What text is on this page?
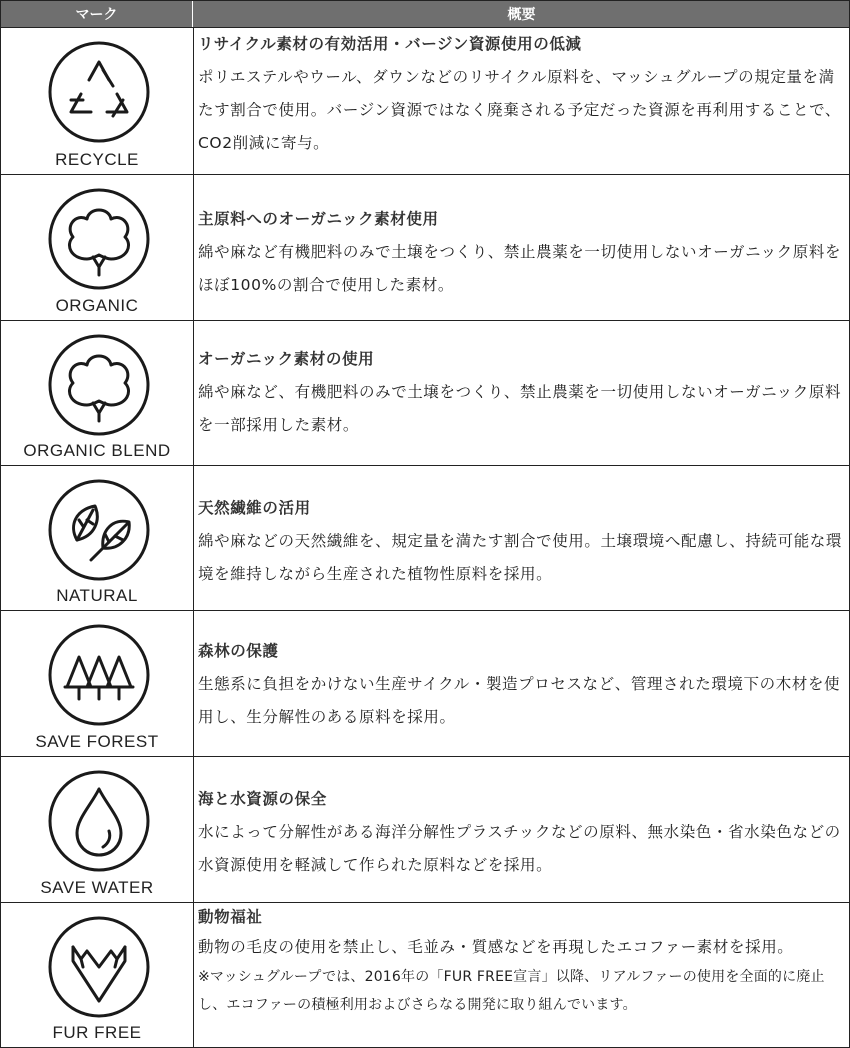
マーク	概要
RECYCLE
リサイクル素材の有効活用・バージン資源使用の低減
ポリエステルやウール、ダウンなどのリサイクル原料を、マッシュグループの規定量を満たす割合で使用。バージン資源ではなく廃棄される予定だった資源を再利用することで、CO2削減に寄与。
ORGANIC
主原料へのオーガニック素材使用
綿や麻など有機肥料のみで土壌をつくり、禁止農薬を一切使用しないオーガニック原料をほぼ100%の割合で使用した素材。
ORGANIC BLEND
オーガニック素材の使用
綿や麻など、有機肥料のみで土壌をつくり、禁止農薬を一切使用しないオーガニック原料を一部採用した素材。
NATURAL
天然繊維の活用
綿や麻などの天然繊維を、規定量を満たす割合で使用。土壌環境へ配慮し、持続可能な環境を維持しながら生産された植物性原料を採用。
SAVE FOREST
森林の保護
生態系に負担をかけない生産サイクル・製造プロセスなど、管理された環境下の木材を使用し、生分解性のある原料を採用。
SAVE WATER
海と水資源の保全
水によって分解性がある海洋分解性プラスチックなどの原料、無水染色・省水染色などの水資源使用を軽減して作られた原料などを採用。
FUR FREE
動物福祉
動物の毛皮の使用を禁止し、毛並み・質感などを再現したエコファー素材を採用。
※マッシュグループでは、2016年の「FUR FREE宣言」以降、リアルファーの使用を全面的に廃止し、エコファーの積極利用およびさらなる開発に取り組んでいます。
